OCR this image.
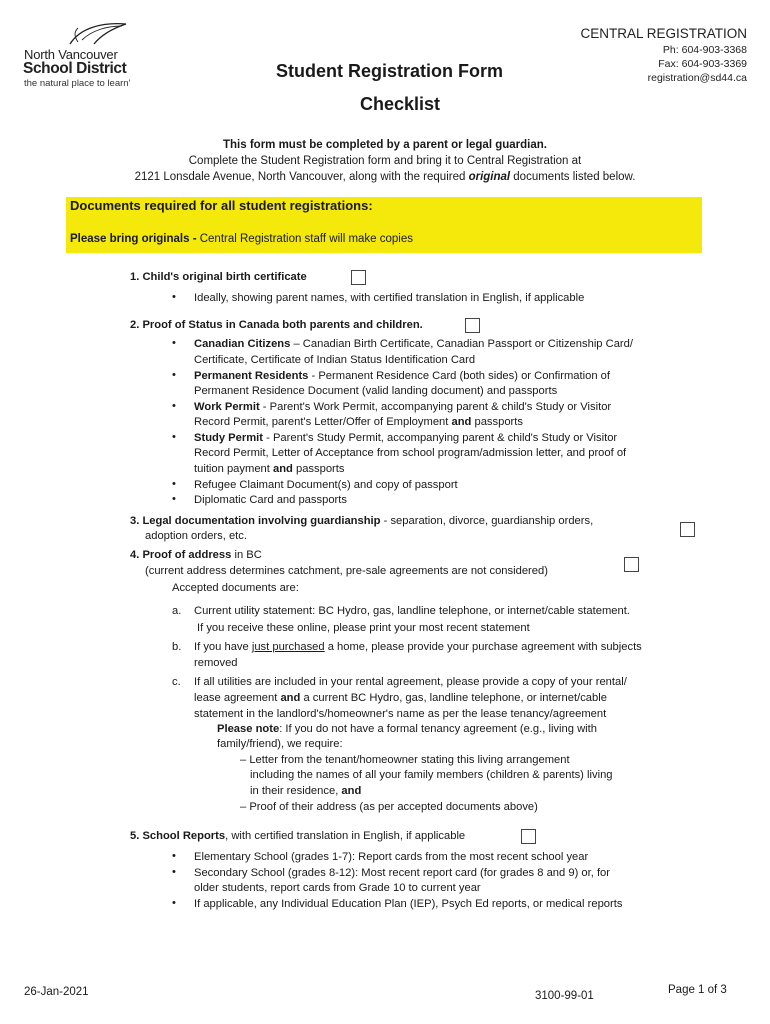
North Vancouver
School District
the natural place to learn'
CENTRAL REGISTRATION
Ph: 604-903-3368
Fax: 604-903-3369
registration@sd44.ca
Student Registration Form
Checklist
This form must be completed by a parent or legal guardian.
Complete the Student Registration form and bring it to Central Registration at
2121 Lonsdale Avenue, North Vancouver, along with the required original documents listed below.
Documents required for all student registrations:
Please bring originals - Central Registration staff will make copies
1. Child's original birth certificate
• Ideally, showing parent names, with certified translation in English, if applicable
2. Proof of Status in Canada both parents and children.
• Canadian Citizens – Canadian Birth Certificate, Canadian Passport or Citizenship Card/
Certificate, Certificate of Indian Status Identification Card
• Permanent Residents - Permanent Residence Card (both sides) or Confirmation of
Permanent Residence Document (valid landing document) and passports
• Work Permit - Parent's Work Permit, accompanying parent & child's Study or Visitor
Record Permit, parent's Letter/Offer of Employment and passports
• Study Permit - Parent's Study Permit, accompanying parent & child's Study or Visitor
Record Permit, Letter of Acceptance from school program/admission letter, and proof of
tuition payment and passports
• Refugee Claimant Document(s) and copy of passport
• Diplomatic Card and passports
3. Legal documentation involving guardianship - separation, divorce, guardianship orders,
adoption orders, etc.
4. Proof of address in BC
(current address determines catchment, pre-sale agreements are not considered)
Accepted documents are:
a. Current utility statement: BC Hydro, gas, landline telephone, or internet/cable statement.
If you receive these online, please print your most recent statement
b. If you have just purchased a home, please provide your purchase agreement with subjects
removed
c. If all utilities are included in your rental agreement, please provide a copy of your rental/
lease agreement and a current BC Hydro, gas, landline telephone, or internet/cable
statement in the landlord's/homeowner's name as per the lease tenancy/agreement
Please note: If you do not have a formal tenancy agreement (e.g., living with
family/friend), we require:
– Letter from the tenant/homeowner stating this living arrangement
including the names of all your family members (children & parents) living
in their residence, and
– Proof of their address (as per accepted documents above)
5. School Reports, with certified translation in English, if applicable
• Elementary School (grades 1-7): Report cards from the most recent school year
• Secondary School (grades 8-12): Most recent report card (for grades 8 and 9) or, for
older students, report cards from Grade 10 to current year
• If applicable, any Individual Education Plan (IEP), Psych Ed reports, or medical reports
26-Jan-2021	3100-99-01	Page 1 of 3
